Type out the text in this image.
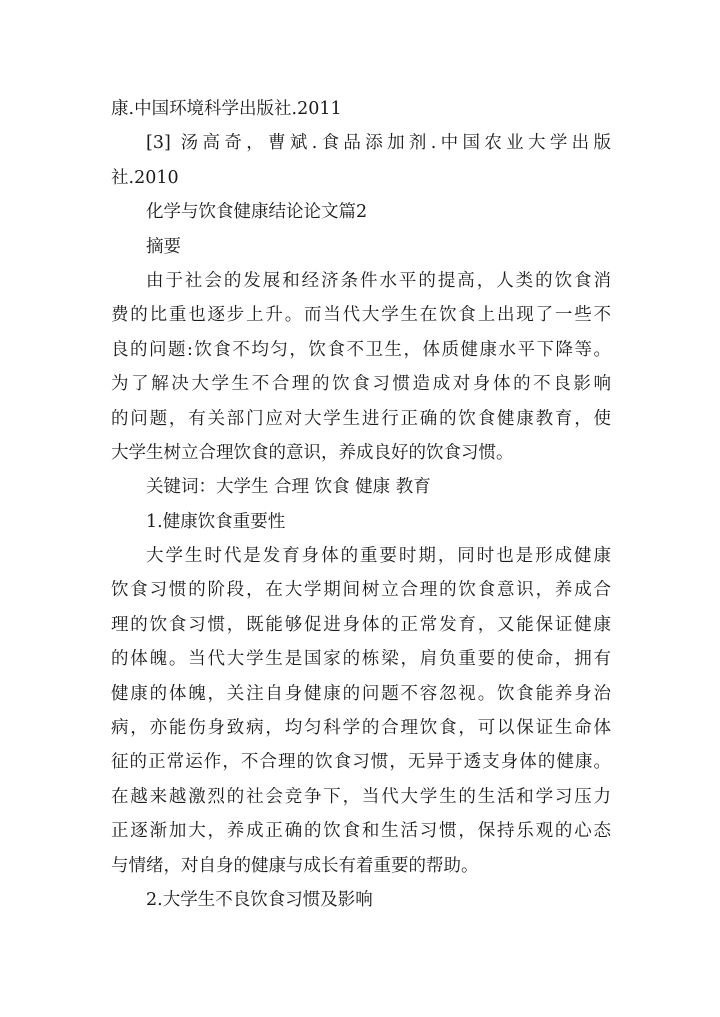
康.中国环境科学出版社.2011
[3] 汤高奇，曹斌.食品添加剂.中国农业大学出版
社.2010
化学与饮食健康结论论文篇2
摘要
由于社会的发展和经济条件水平的提高，人类的饮食消
费的比重也逐步上升。而当代大学生在饮食上出现了一些不
良的问题:饮食不均匀，饮食不卫生，体质健康水平下降等。
为了解决大学生不合理的饮食习惯造成对身体的不良影响
的问题，有关部门应对大学生进行正确的饮食健康教育，使
大学生树立合理饮食的意识，养成良好的饮食习惯。
关键词：大学生 合理 饮食 健康 教育
1.健康饮食重要性
大学生时代是发育身体的重要时期，同时也是形成健康
饮食习惯的阶段，在大学期间树立合理的饮食意识，养成合
理的饮食习惯，既能够促进身体的正常发育，又能保证健康
的体魄。当代大学生是国家的栋梁，肩负重要的使命，拥有
健康的体魄，关注自身健康的问题不容忽视。饮食能养身治
病，亦能伤身致病，均匀科学的合理饮食，可以保证生命体
征的正常运作，不合理的饮食习惯，无异于透支身体的健康。
在越来越激烈的社会竞争下，当代大学生的生活和学习压力
正逐渐加大，养成正确的饮食和生活习惯，保持乐观的心态
与情绪，对自身的健康与成长有着重要的帮助。
2.大学生不良饮食习惯及影响
